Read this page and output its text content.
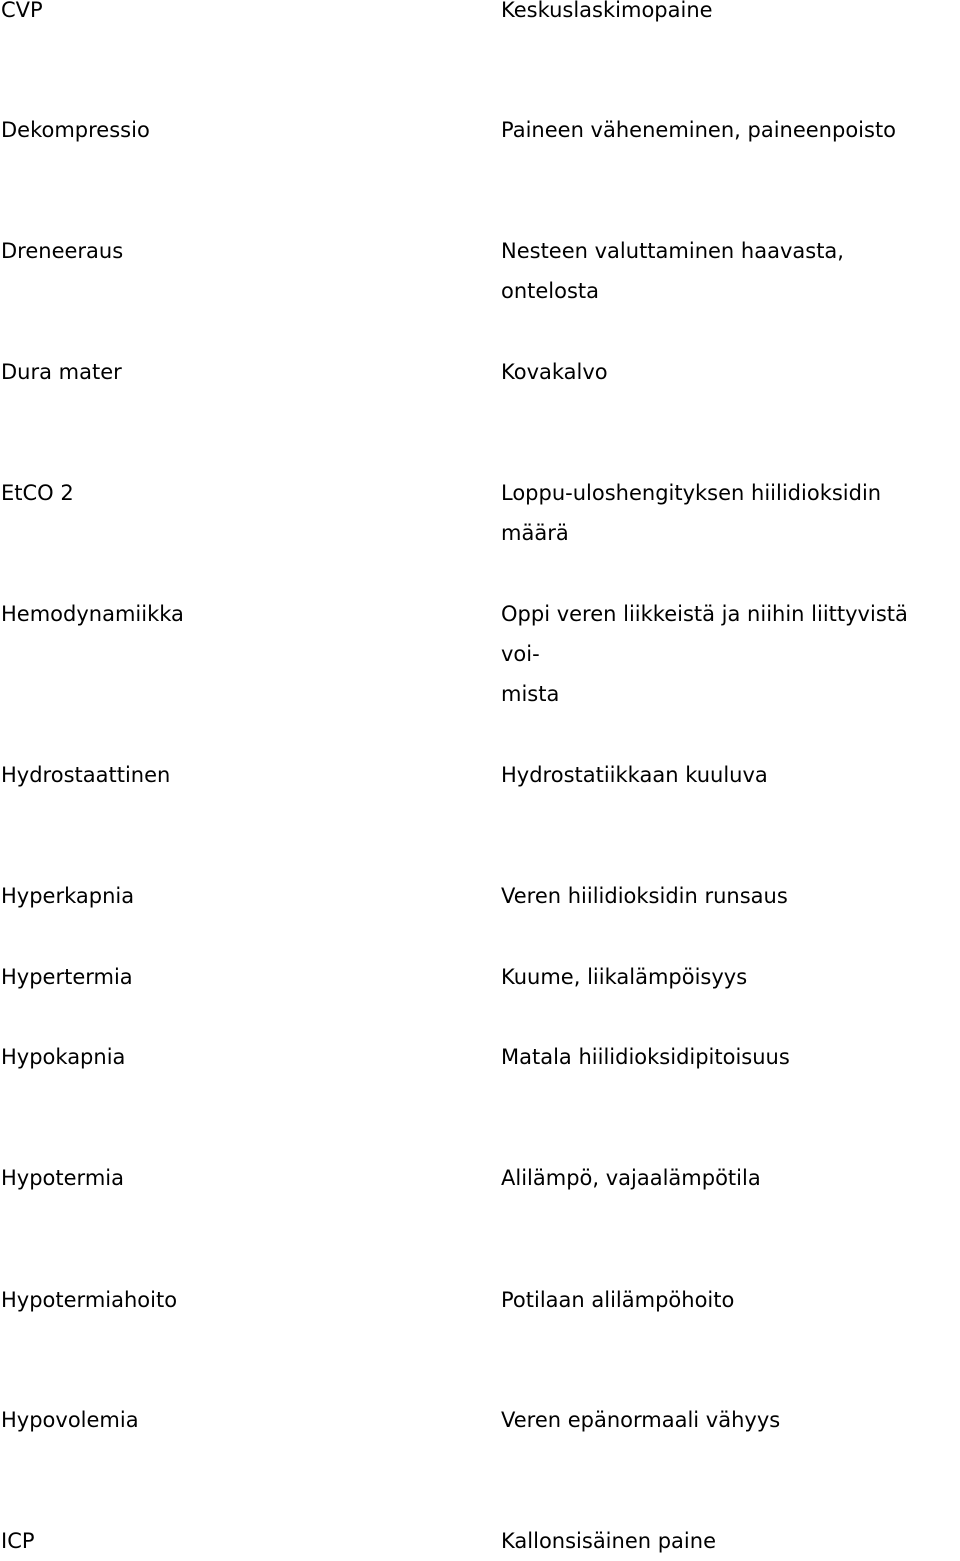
CVP	Keskuslaskimopaine
Dekompressio	Paineen väheneminen, paineenpoisto
Dreneeraus	Nesteen valuttaminen haavasta, ontelosta
Dura mater	Kovakalvo
EtCO 2	Loppu-uloshengityksen hiilidioksidin määrä
Hemodynamiikka	Oppi veren liikkeistä ja niihin liittyvistä voi-
mista
Hydrostaattinen	Hydrostatiikkaan kuuluva
Hyperkapnia	Veren hiilidioksidin runsaus
Hypertermia	Kuume, liikalämpöisyys
Hypokapnia	Matala hiilidioksidipitoisuus
Hypotermia	Alilämpö, vajaalämpötila
Hypotermiahoito	Potilaan alilämpöhoito
Hypovolemia	Veren epänormaali vähyys
ICP	Kallonsisäinen paine
